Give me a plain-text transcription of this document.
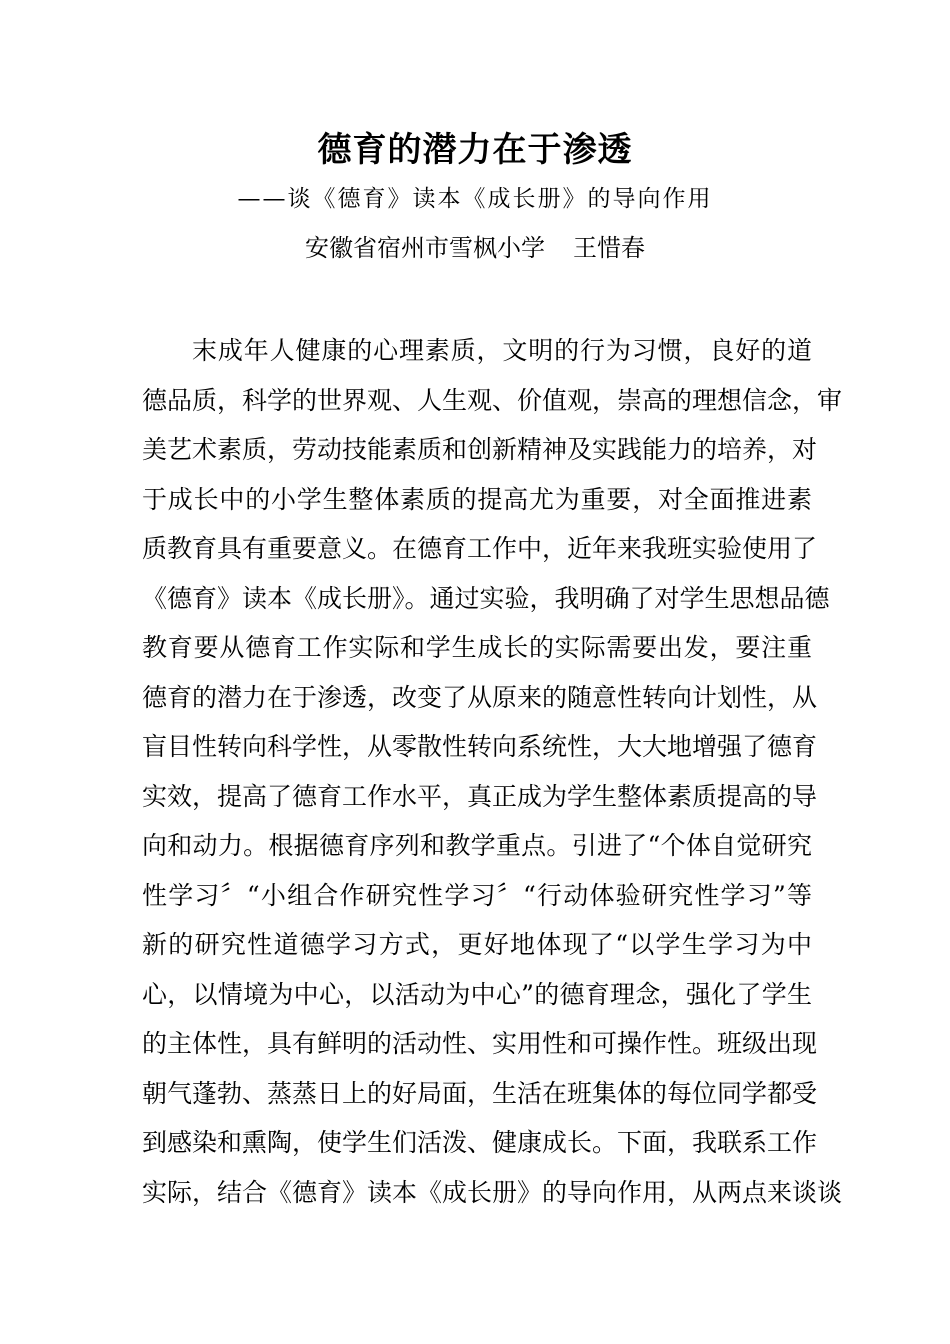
德育的潜力在于渗透
——谈《德育》读本《成长册》的导向作用
安徽省宿州市雪枫小学 王惜春
末成年人健康的心理素质，文明的行为习惯，良好的道
德品质，科学的世界观、人生观、价值观，崇高的理想信念，审
美艺术素质，劳动技能素质和创新精神及实践能力的培养，对
于成长中的小学生整体素质的提高尤为重要，对全面推进素
质教育具有重要意义。在德育工作中，近年来我班实验使用了
《德育》读本《成长册》。通过实验，我明确了对学生思想品德
教育要从德育工作实际和学生成长的实际需要出发，要注重
德育的潜力在于渗透，改变了从原来的随意性转向计划性，从
盲目性转向科学性，从零散性转向系统性，大大地增强了德育
实效，提高了德育工作水平，真正成为学生整体素质提高的导
向和动力。根据德育序列和教学重点。引进了“个体自觉研究
性学习〞“小组合作研究性学习〞“行动体验研究性学习”等
新的研究性道德学习方式，更好地体现了“以学生学习为中
心，以情境为中心，以活动为中心”的德育理念，强化了学生
的主体性，具有鲜明的活动性、实用性和可操作性。班级出现
朝气蓬勃、蒸蒸日上的好局面，生活在班集体的每位同学都受
到感染和熏陶，使学生们活泼、健康成长。下面，我联系工作
实际，结合《德育》读本《成长册》的导向作用，从两点来谈谈
